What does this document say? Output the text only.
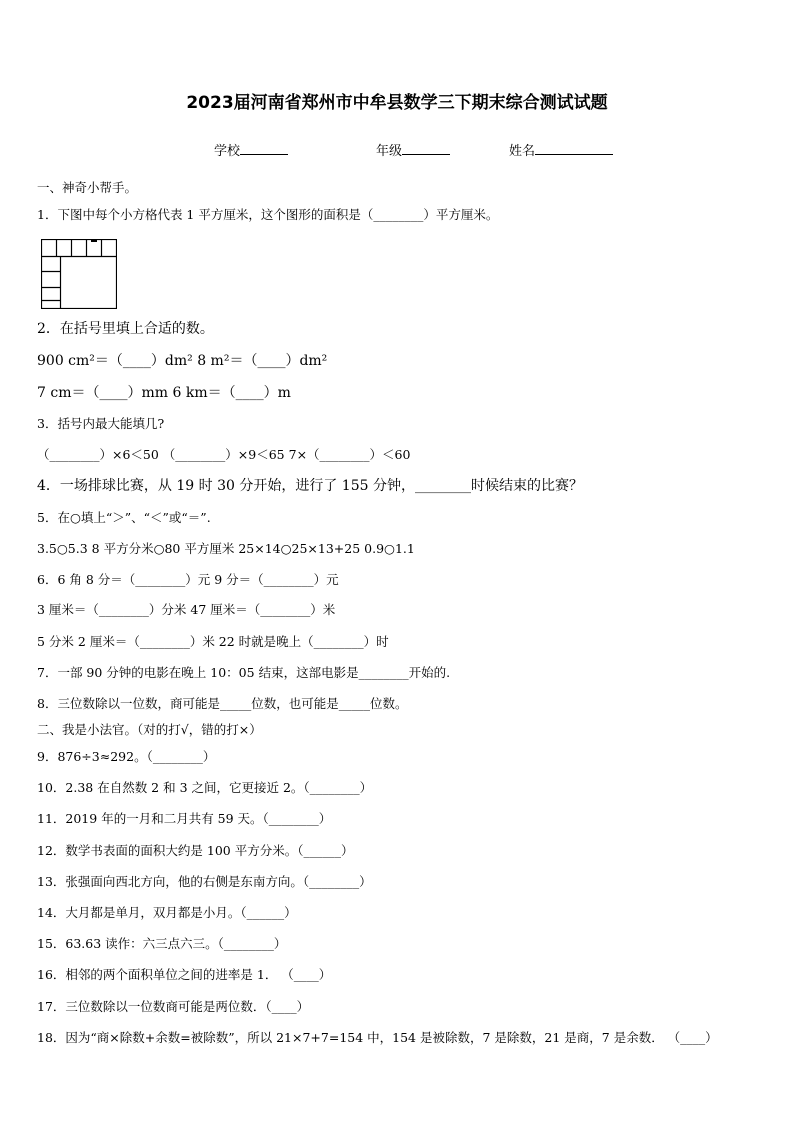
2023届河南省郑州市中牟县数学三下期末综合测试试题
学校	年级	姓名
一、神奇小帮手。
1．下图中每个小方格代表 1 平方厘米，这个图形的面积是（________）平方厘米。
2．在括号里填上合适的数。
900 cm²＝（____）dm² 8 m²＝（____）dm²
7 cm＝（____）mm 6 km＝（____）m
3．括号内最大能填几?
（________）×6＜50 （________）×9＜65 7×（________）＜60
4．一场排球比赛，从 19 时 30 分开始，进行了 155 分钟，________时候结束的比赛？
5．在○填上“＞”、“＜”或“＝”.
3.5○5.3 8 平方分米○80 平方厘米 25×14○25×13+25 0.9○1.1
6．6 角 8 分＝（________）元 9 分＝（________）元
3 厘米＝（________）分米 47 厘米＝（________）米
5 分米 2 厘米＝（________）米 22 时就是晚上（________）时
7．一部 90 分钟的电影在晚上 10：05 结束，这部电影是________开始的.
8．三位数除以一位数，商可能是_____位数，也可能是_____位数。
二、我是小法官。（对的打√，错的打×）
9．876÷3≈292。（________）
10．2.38 在自然数 2 和 3 之间，它更接近 2。（________）
11．2019 年的一月和二月共有 59 天。（________）
12．数学书表面的面积大约是 100 平方分米。（______）
13．张强面向西北方向，他的右侧是东南方向。（________）
14．大月都是单月，双月都是小月。（______）
15．63.63 读作：六三点六三。（________）
16．相邻的两个面积单位之间的进率是 1． （____）
17．三位数除以一位数商可能是两位数．（____）
18．因为“商×除数+余数=被除数”，所以 21×7+7=154 中，154 是被除数，7 是除数，21 是商，7 是余数． （____）
